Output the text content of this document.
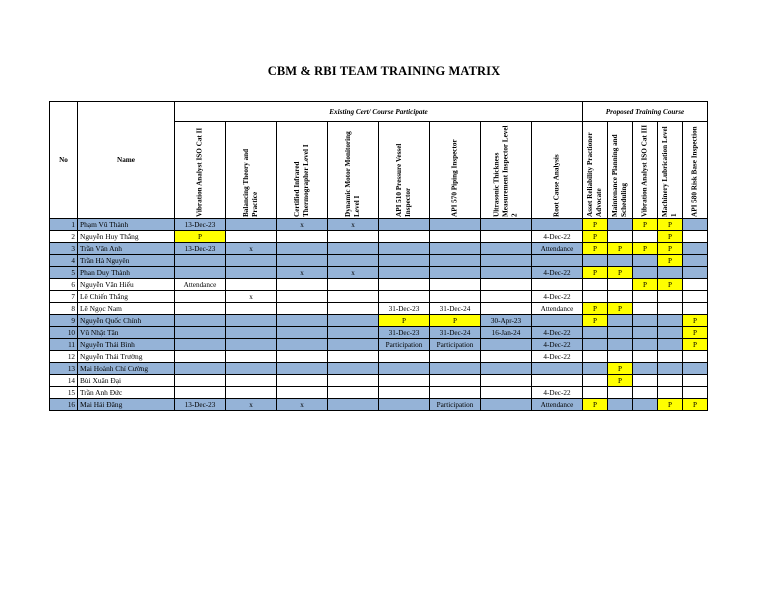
CBM & RBI TEAM TRAINING MATRIX
No	Name	Existing Cert/ Course Participate								Proposed Training Course				

		Vibration Analyst ISO Cat II	Balancing Theory and Practice	Certified Infrared Thermographer Level I	Dynamic Motor Monitoring Level I	API 510 Pressure Vessel Inspector	API 570 Piping Inspector	Ultrasonic Thickness Measurement Inspector Level 2	Root Cause Analysis	Asset Reliability Practioner Advocate	Maintenance Planning and Scheduling	Vibration Analyst ISO Cat III	Machinery Lubrication Level 1	API 580 Risk Base Inspection

1	Phạm Vũ Thành	13-Dec-23		x	x					P		P	P	
2	Nguyễn Huy Thắng	P							4-Dec-22	P			P	
3	Trần Văn Anh	13-Dec-23	x						Attendance	P	P	P	P	
4	Trần Hà Nguyên												P	
5	Phan Duy Thành			x	x				4-Dec-22	P	P			
6	Nguyễn Văn Hiếu	Attendance										P	P	
7	Lê Chiến Thắng		x						4-Dec-22					
8	Lê Ngọc Nam					31-Dec-23	31-Dec-24		Attendance	P	P			
9	Nguyễn Quốc Chính					P	P	30-Apr-23		P				P
10	Vũ Nhật Tân					31-Dec-23	31-Dec-24	16-Jan-24	4-Dec-22					P
11	Nguyễn Thái Bình					Participation	Participation		4-Dec-22					P
12	Nguyễn Thái Trường								4-Dec-22					
13	Mai Hoành Chí Cường										P			
14	Bùi Xuân Đại										P			
15	Trần Anh Đức								4-Dec-22					
16	Mai Hải Đăng	13-Dec-23	x	x			Participation		Attendance	P			P	P
